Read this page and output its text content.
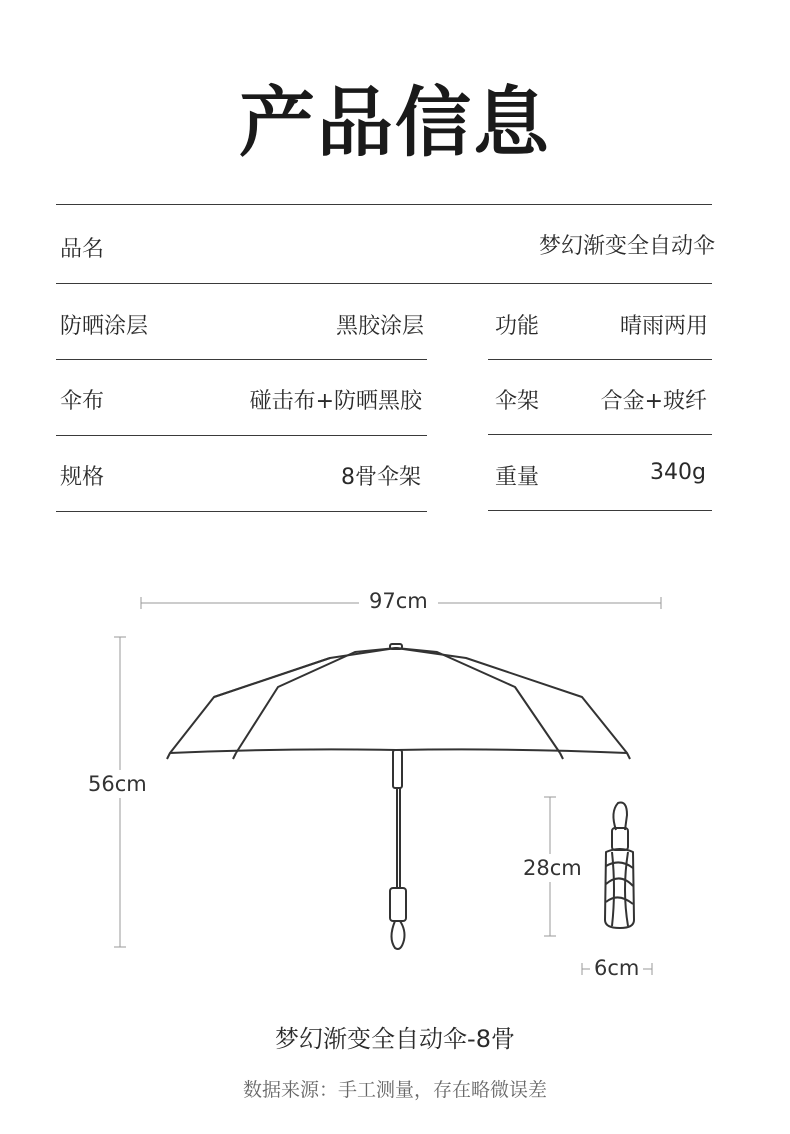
产品信息
品名	梦幻渐变全自动伞
防晒涂层	黑胶涂层	功能	晴雨两用
伞布	碰击布+防晒黑胶	伞架	合金+玻纤
规格	8骨伞架	重量	340g
97cm
56cm
28cm
6cm
梦幻渐变全自动伞-8骨
数据来源：手工测量，存在略微误差
